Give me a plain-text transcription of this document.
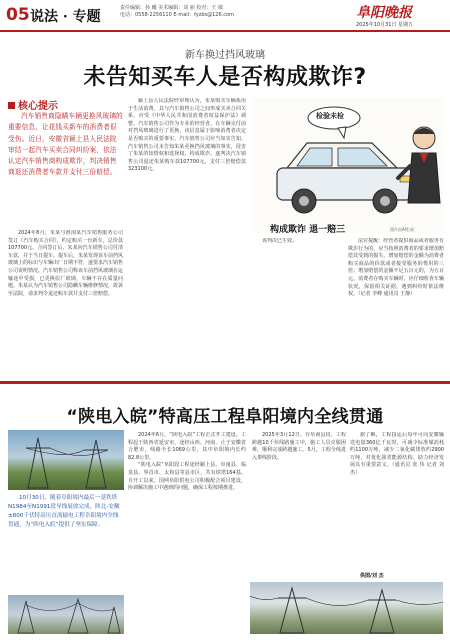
05 说法 · 专题
责任编辑：孙 曦 美术编辑：刘 丽 校对：王 敏
电话：0558-2256110 E-mail：fyzbs@126.com	阜阳晚报
2025年10月31日 星期五
新车换过挡风玻璃
未告知买车人是否构成欺诈?
核心提示
汽车销售商隐瞒车辆更换风玻璃的重要信息，让花钱买新车的消费者很受伤。近日，安徽省颍上县人民法院审结一起汽车买卖合同纠纷案，依法认定汽车销售商构成欺诈，判决销售商退还消费者车款并支付三倍赔偿。

2024年8月，朱某与淮南某汽车销售服务公司签订《汽车购买合同》，约定购买一台新车，总价款107700元。合同签订后，朱某向汽车销售公司付清车款，并于当日提车。提车后，朱某发现该车前挡风玻璃上的标识与车辆出厂日期不符，遂要求汽车销售公司说明情况。汽车销售公司称该车前挡风玻璃在运输途中受损，已更换原厂玻璃，车辆不存在质量问题。朱某认为汽车销售公司隐瞒车辆维修情况，故诉至法院，请求判令退还购车款并支付三倍赔偿。

颍上县人民法院经审理认为，朱某购买车辆系用于生活消费，其与汽车销售公司之间形成买卖合同关系，应受《中华人民共和国消费者权益保护法》调整。汽车销售公司作为专业的经营者，在车辆交付前对挡风玻璃进行了更换，该信息属于影响消费者决定是否购买的重要事实，汽车销售公司应当如实告知。汽车销售公司未告知朱某更换挡风玻璃的事实，侵害了朱某的知情权和选择权，构成欺诈。遂判决汽车销售公司退还朱某购车款107700元，支付三倍赔偿款323100元。

该判决已生效。	法官提醒：经营者提供商品或者服务有欺诈行为的，应当按照消费者的要求增加赔偿其受到的损失，增加赔偿的金额为消费者购买商品的价款或者接受服务的费用的三倍；增加赔偿的金额不足五百元的，为五百元。消费者在购买车辆时，应仔细检查车辆状况，保留相关证据，遇到纠纷时依法维权。（记者 李峰 通讯员 王静）

检验未检
构成欺诈 退一赔三	图片由AI生成
“陕电入皖”特高压工程阜阳境内全线贯通
10月30日，随着阜阳境内最后一基铁塔N1984至N1991段导线展放完成，陕北-安徽±800千伏特高压直流输电工程阜阳境内全线贯通，为“陕电入皖”提供了坚实保障。

2024年6月，“陕电入皖”工程正式开工建设。工程起于陕西省延安市，途经山西、河南，止于安徽省合肥市，线路全长1069公里，其中阜阳境内长约82.8公里。

“陕电入皖”阜阳段工程途经颍上县、阜南县、临泉县、界首市、太和县等县市区，共有铁塔164基。自开工以来，国网阜阳供电公司积极配合项目建设，协调解决施工中遇到的问题，确保工程按期推进。

2025年3月12日，在阜南县段，工程跨越10千伏线路施工中，施工人员克服困难，顺利完成跨越施工。5月，工程全线进入架线阶段。

据了解，工程投运后每年可向安徽输送电量360亿千瓦时，可减少标准煤消耗约1100万吨，减少二氧化碳排放约2900万吨，对优化我省能源结构、助力经济发展具有重要意义。（通讯员 张 伟 记者 刘 杰）

供图/刘 杰
